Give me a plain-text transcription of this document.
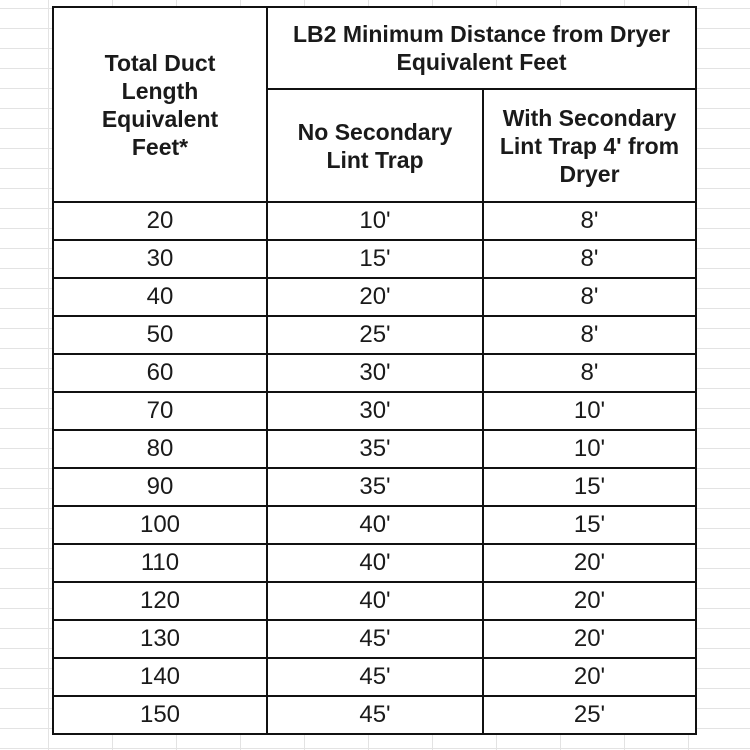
Total Duct Length Equivalent Feet*	LB2 Minimum Distance from Dryer Equivalent Feet	
	No Secondary Lint Trap	With Secondary Lint Trap 4' from Dryer
20	10'	8'
30	15'	8'
40	20'	8'
50	25'	8'
60	30'	8'
70	30'	10'
80	35'	10'
90	35'	15'
100	40'	15'
110	40'	20'
120	40'	20'
130	45'	20'
140	45'	20'
150	45'	25'
